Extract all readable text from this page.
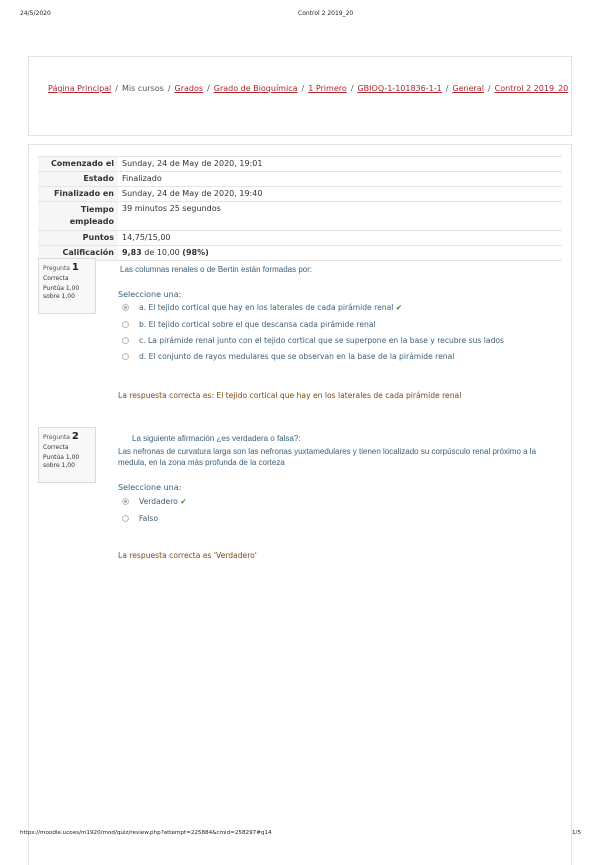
24/5/2020	Control 2 2019_20
Página Principal / Mis cursos / Grados / Grado de Bioquímica / 1 Primero / GBIOQ-1-101836-1-1 / General / Control 2 2019_20
Comenzado el	Sunday, 24 de May de 2020, 19:01
Estado	Finalizado
Finalizado en	Sunday, 24 de May de 2020, 19:40
Tiempo empleado	39 minutos 25 segundos
Puntos	14,75/15,00
Calificación	9,83 de 10,00 (98%)
Pregunta 1
Correcta
Puntúa 1,00 sobre 1,00
Las columnas renales o de Bertin están formadas por:
Seleccione una:
a. El tejido cortical que hay en los laterales de cada pirámide renal ✔
b. El tejido cortical sobre el que descansa cada pirámide renal
c. La pirámide renal junto con el tejido cortical que se superpone en la base y recubre sus lados
d. El conjunto de rayos medulares que se observan en la base de la pirámide renal
La respuesta correcta es: El tejido cortical que hay en los laterales de cada pirámide renal
Pregunta 2
Correcta
Puntúa 1,00 sobre 1,00
La siguiente afirmación ¿es verdadera o falsa?:
Las nefronas de curvatura larga son las nefronas yuxtamedulares y tienen localizado su corpúsculo renal próximo a la medula, en la zona más profunda de la corteza
Seleccione una:
Verdadero ✔
Falso
La respuesta correcta es 'Verdadero'
https://moodle.ucoes/m1920/mod/quiz/review.php?attempt=225884&cmid=258297#q14	1/5
